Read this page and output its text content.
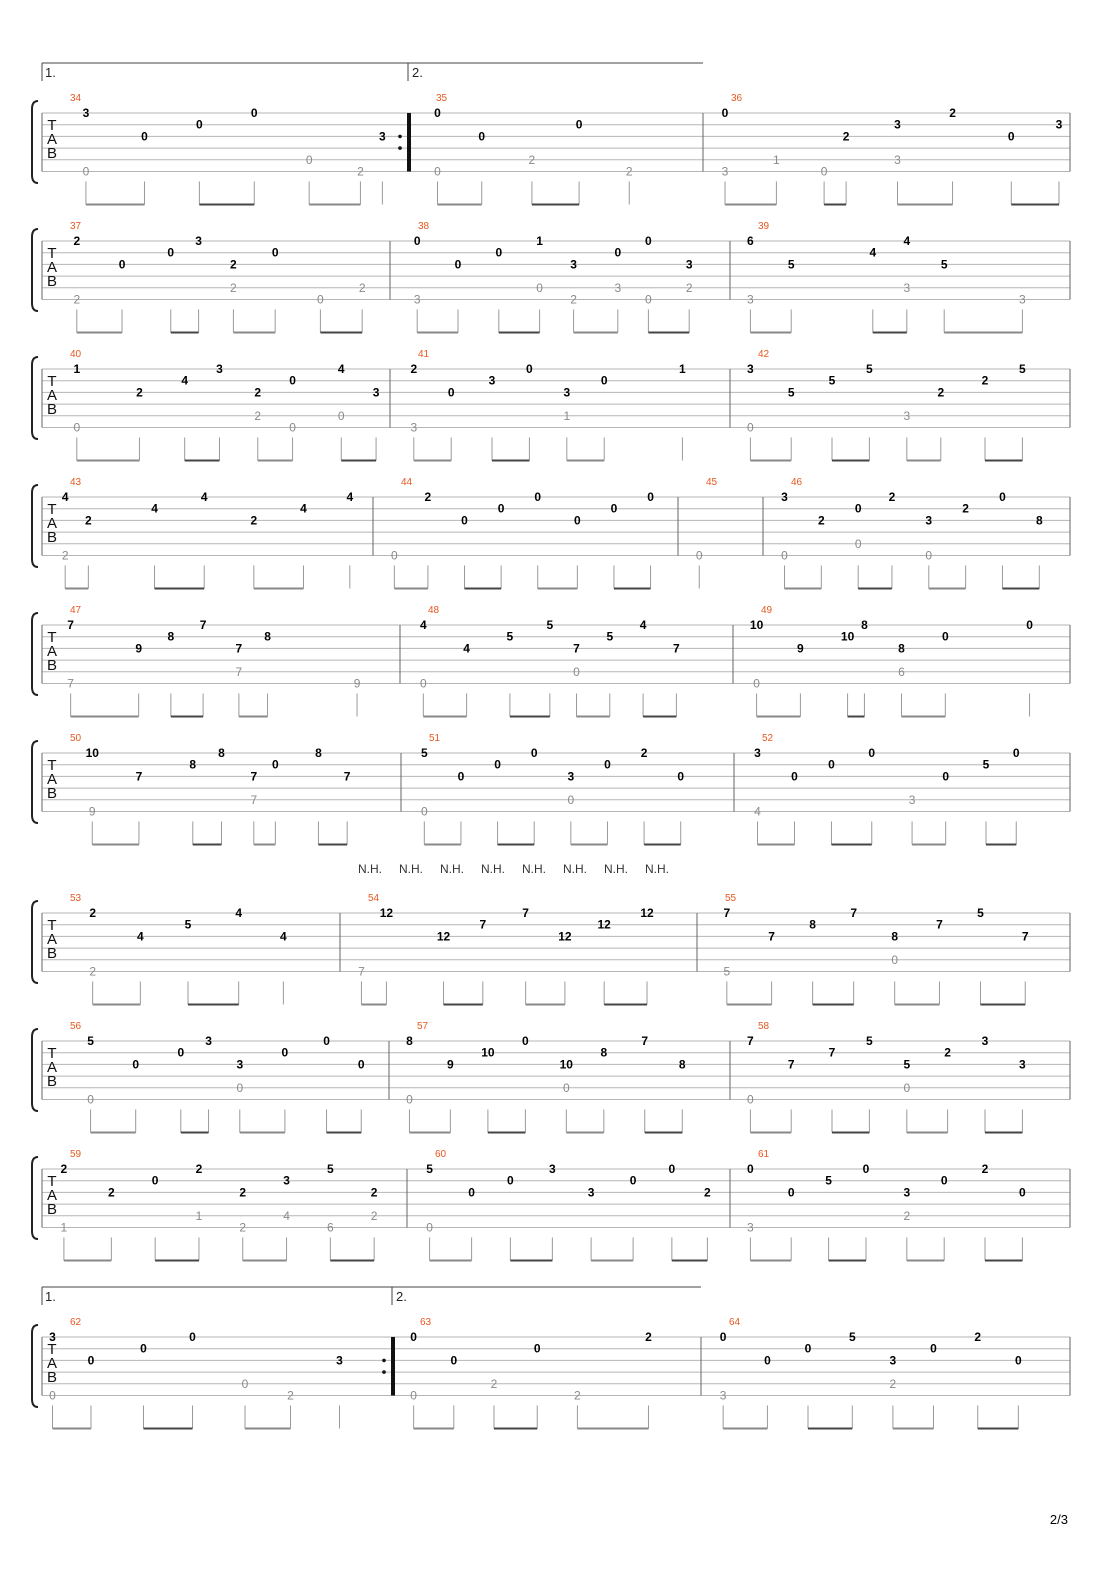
T
A
B
1.	2.
34
3
0
0
0
3
0
0
2
35
0
0
0
0
2
2
36
0
2
3
2
0
3
3
1
0
3
T
A
B
37
2
0
0
3
2
0
2
2
0
2
38
0
0
0
1
3
0
0
3
3
0
2
3
0
2
39
6
5
4
4
5
3
3
3
T
A
B
40
1
2
4
3
2
0
4
3
0
2
0
0
41
2
0
3
0
3
0
1
3
1
42
3
5
5
5
2
2
5
0
3
T
A
B
43
4
2
4
4
2
4
4
2
44
2
0
0
0
0
0
0
0
45
0
46
3
2
0
2
3
2
0
8
0
0
0
T
A
B
47
7
9
8
7
7
8
7
7
9
48
4
4
5
5
7
5
4
7
0
0
49
10
9
10
8
8
0
0
0
6
T
A
B
50
10
7
8
8
7
0
8
7
9
7
51
5
0
0
0
3
0
2
0
0
0
52
3
0
0
0
0
5
0
4
3
T
A
B
N.H. N.H. N.H. N.H. N.H. N.H. N.H. N.H.
53
2
4
5
4
4
2
54
12
12
7
7
12
12
12
7
55
7
7
8
7
8
7
5
7
5
0
T
A
B
56
5
0
0
3
3
0
0
0
0
0
57
8
9
10
0
10
8
7
8
0
0
58
7
7
7
5
5
2
3
3
0
0
T
A
B
59
2
2
0
2
2
3
5
2
1
1
2
4
6
2
60
5
0
0
3
3
0
0
2
0
61
0
0
5
0
3
0
2
0
3
2
T
A
B
1.	2.
62
3
0
0
0
3
0
0
2
63
0
0
0
2
0
2
2
64
0
0
0
5
3
0
2
0
3
2
2/3
